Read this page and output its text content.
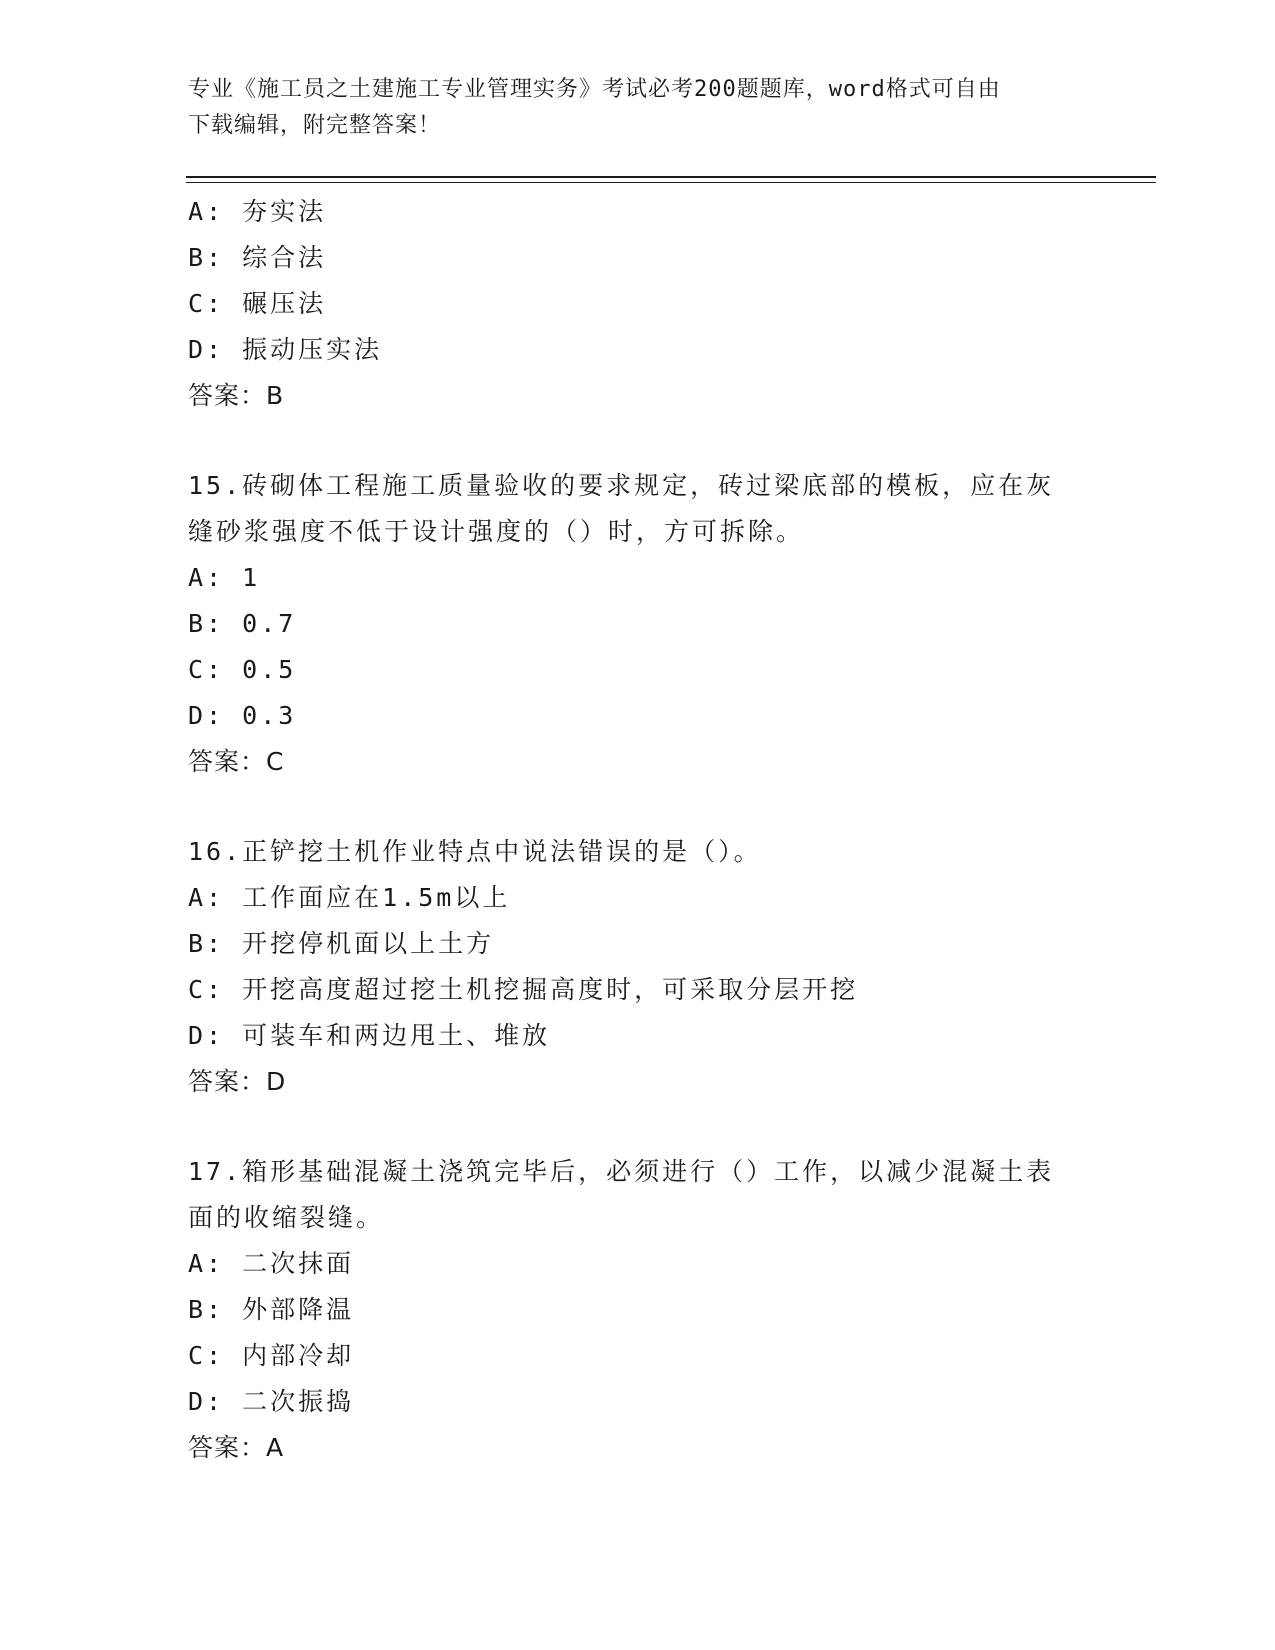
专业《施工员之土建施工专业管理实务》考试必考200题题库，word格式可自由
下载编辑，附完整答案！
A: 夯实法
B: 综合法
C: 碾压法
D: 振动压实法
答案：B
15.砖砌体工程施工质量验收的要求规定，砖过梁底部的模板，应在灰
缝砂浆强度不低于设计强度的（）时，方可拆除。
A: 1
B: 0.7
C: 0.5
D: 0.3
答案：C
16.正铲挖土机作业特点中说法错误的是（）。
A: 工作面应在1.5m以上
B: 开挖停机面以上土方
C: 开挖高度超过挖土机挖掘高度时，可采取分层开挖
D: 可装车和两边甩土、堆放
答案：D
17.箱形基础混凝土浇筑完毕后，必须进行（）工作，以减少混凝土表
面的收缩裂缝。
A: 二次抹面
B: 外部降温
C: 内部冷却
D: 二次振捣
答案：A
